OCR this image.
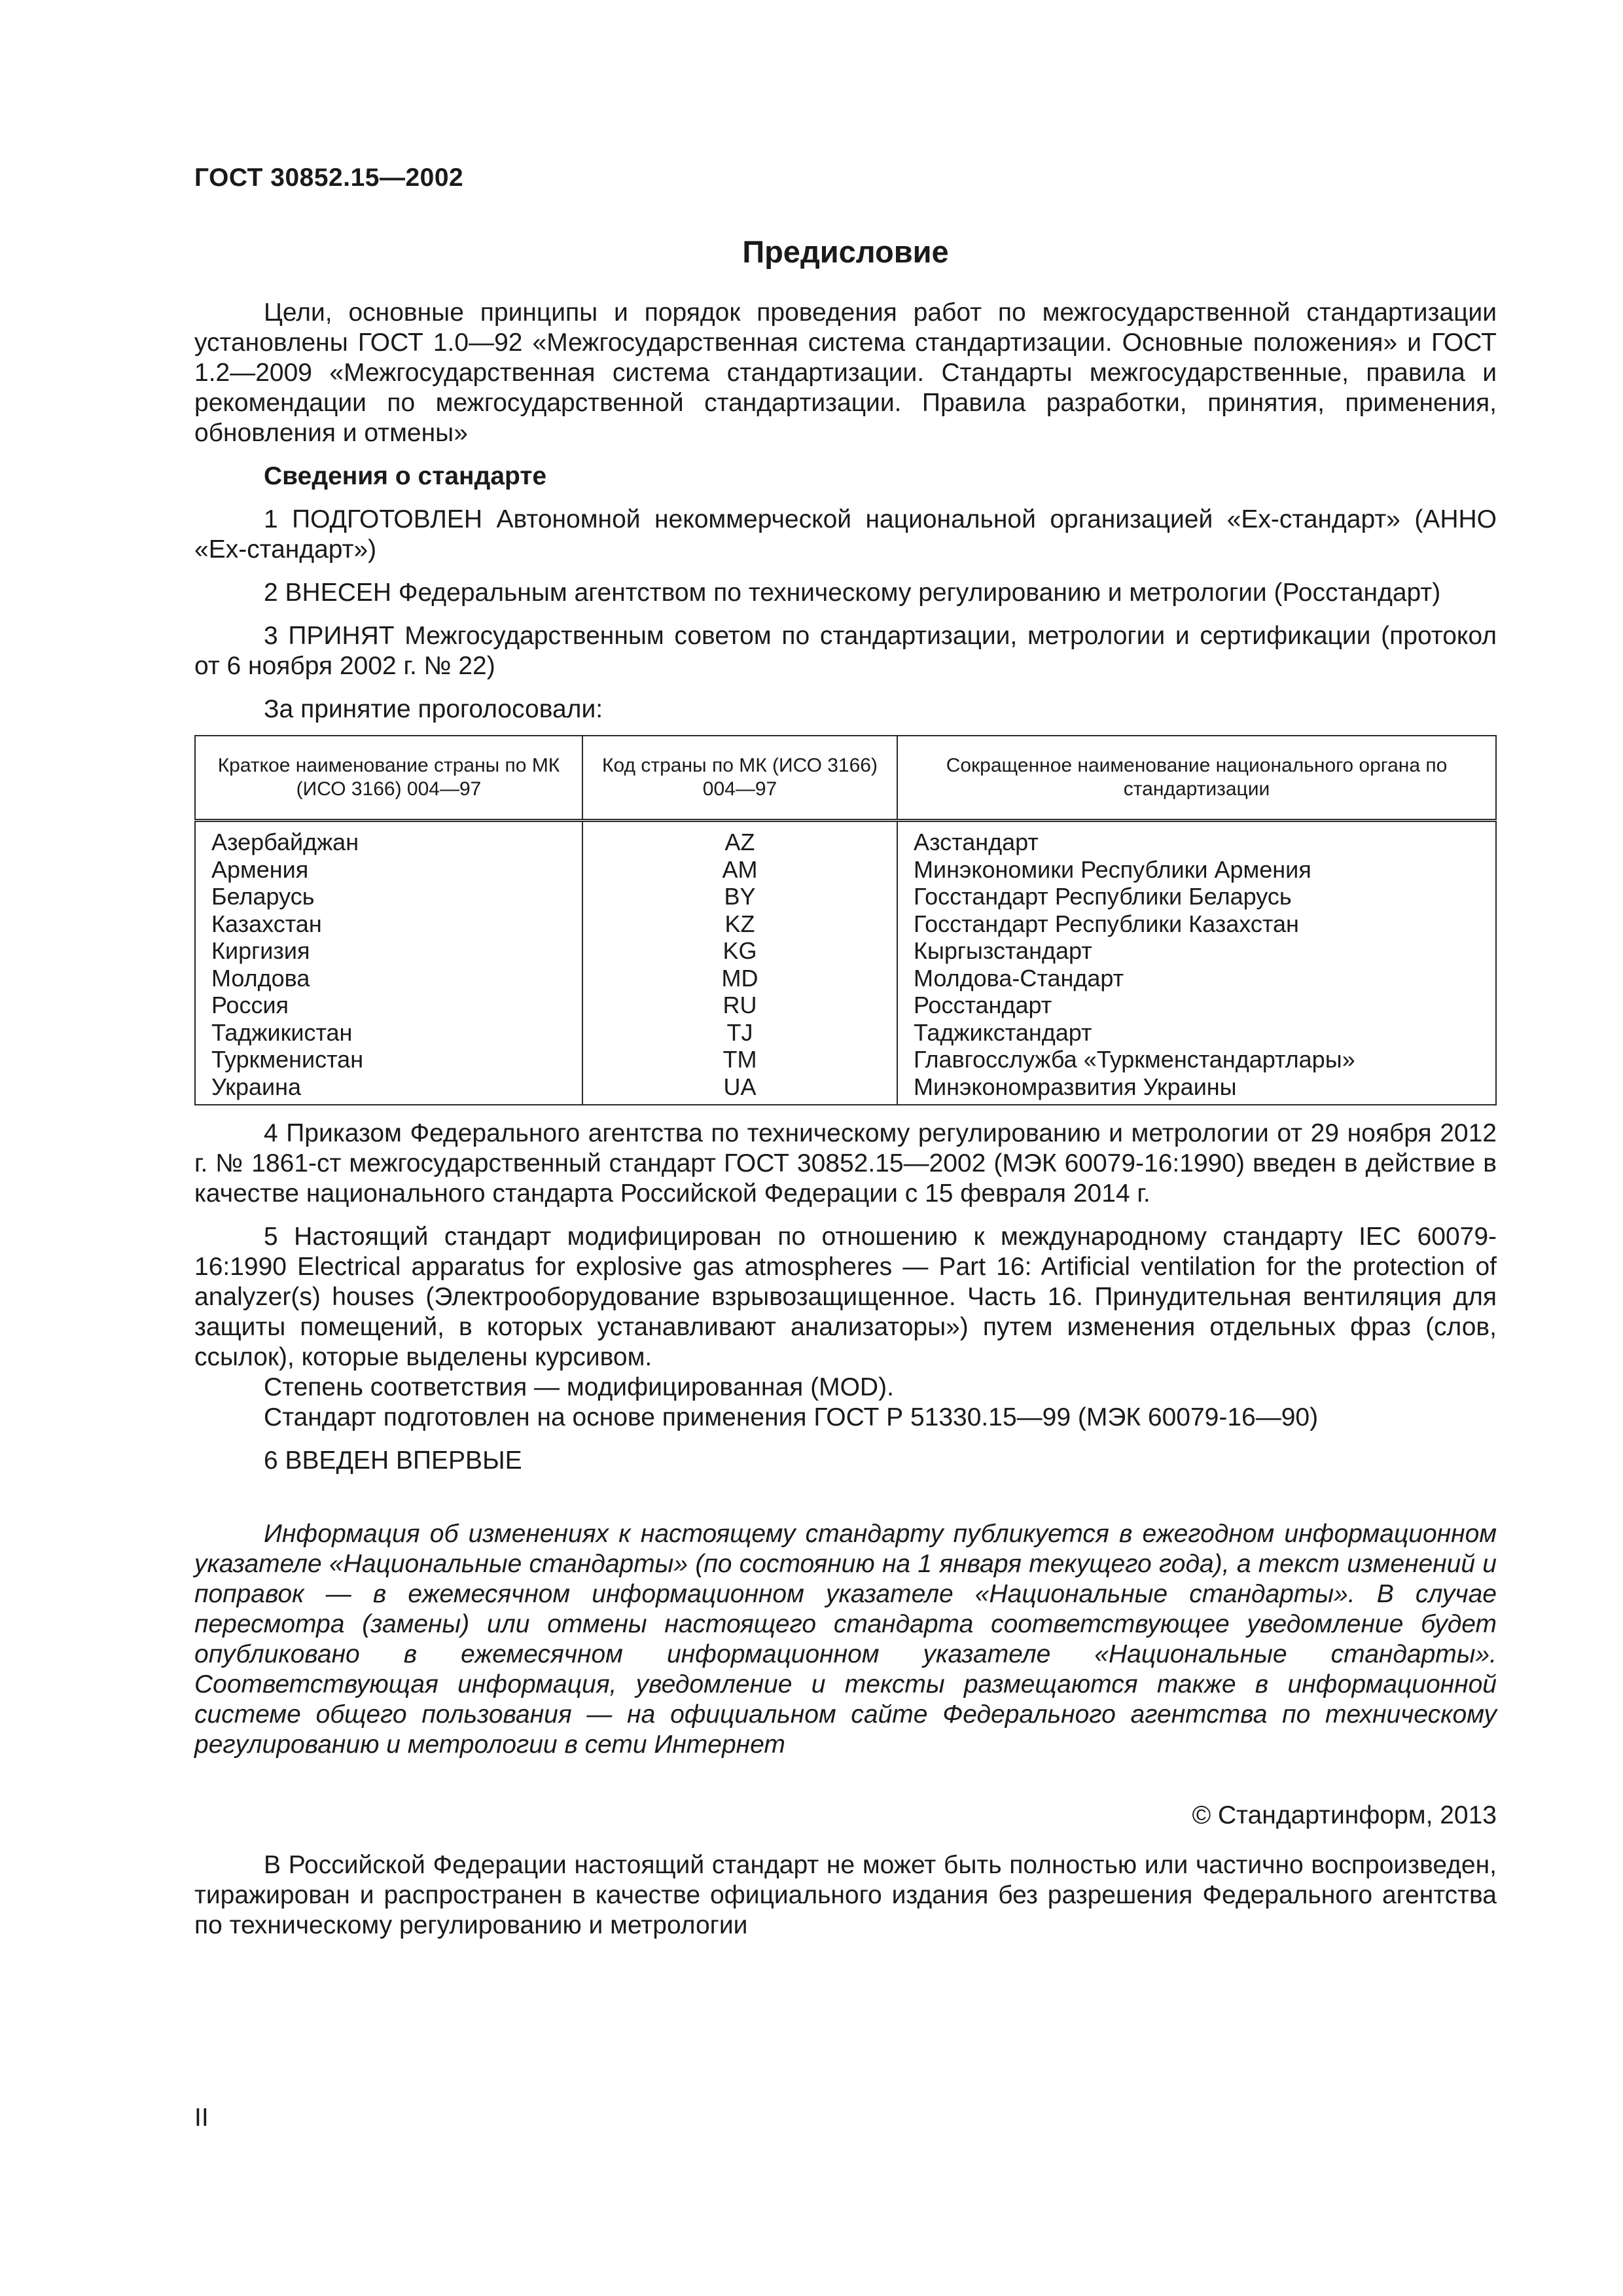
ГОСТ 30852.15—2002
Предисловие

Цели, основные принципы и порядок проведения работ по межгосударственной стандартизации установлены ГОСТ 1.0—92 «Межгосударственная система стандартизации. Основные положения» и ГОСТ 1.2—2009 «Межгосударственная система стандартизации. Стандарты межгосударственные, правила и рекомендации по межгосударственной стандартизации. Правила разработки, принятия, применения, обновления и отмены»

Сведения о стандарте

1 ПОДГОТОВЛЕН Автономной некоммерческой национальной организацией «Ех-стандарт» (АННО «Ех-стандарт»)

2 ВНЕСЕН Федеральным агентством по техническому регулированию и метрологии (Росстандарт)

3 ПРИНЯТ Межгосударственным советом по стандартизации, метрологии и сертификации (протокол от 6 ноября 2002 г. № 22)

За принятие проголосовали:

Краткое наименование страны по МК (ИСО 3166) 004—97	Код страны по МК (ИСО 3166) 004—97	Сокращенное наименование национального органа по стандартизации
Азербайджан	AZ	Азстандарт
Армения	AM	Минэкономики Республики Армения
Беларусь	BY	Госстандарт Республики Беларусь
Казахстан	KZ	Госстандарт Республики Казахстан
Киргизия	KG	Кыргызстандарт
Молдова	MD	Молдова-Стандарт
Россия	RU	Росстандарт
Таджикистан	TJ	Таджикстандарт
Туркменистан	TM	Главгосслужба «Туркменстандартлары»
Украина	UA	Минэкономразвития Украины

4 Приказом Федерального агентства по техническому регулированию и метрологии от 29 ноября 2012 г. № 1861-ст межгосударственный стандарт ГОСТ 30852.15—2002 (МЭК 60079-16:1990) введен в действие в качестве национального стандарта Российской Федерации с 15 февраля 2014 г.

5 Настоящий стандарт модифицирован по отношению к международному стандарту IEC 60079-16:1990 Electrical apparatus for explosive gas atmospheres — Part 16: Artificial ventilation for the protection of analyzer(s) houses (Электрооборудование взрывозащищенное. Часть 16. Принудительная вентиляция для защиты помещений, в которых устанавливают анализаторы») путем изменения отдельных фраз (слов, ссылок), которые выделены курсивом.

Степень соответствия — модифицированная (MOD).

Стандарт подготовлен на основе применения ГОСТ Р 51330.15—99 (МЭК 60079-16—90)

6 ВВЕДЕН ВПЕРВЫЕ

Информация об изменениях к настоящему стандарту публикуется в ежегодном информационном указателе «Национальные стандарты» (по состоянию на 1 января текущего года), а текст изменений и поправок — в ежемесячном информационном указателе «Национальные стандарты». В случае пересмотра (замены) или отмены настоящего стандарта соответствующее уведомление будет опубликовано в ежемесячном информационном указателе «Национальные стандарты». Соответствующая информация, уведомление и тексты размещаются также в информационной системе общего пользования — на официальном сайте Федерального агентства по техническому регулированию и метрологии в сети Интернет

© Стандартинформ, 2013

В Российской Федерации настоящий стандарт не может быть полностью или частично воспроизведен, тиражирован и распространен в качестве официального издания без разрешения Федерального агентства по техническому регулированию и метрологии

II
